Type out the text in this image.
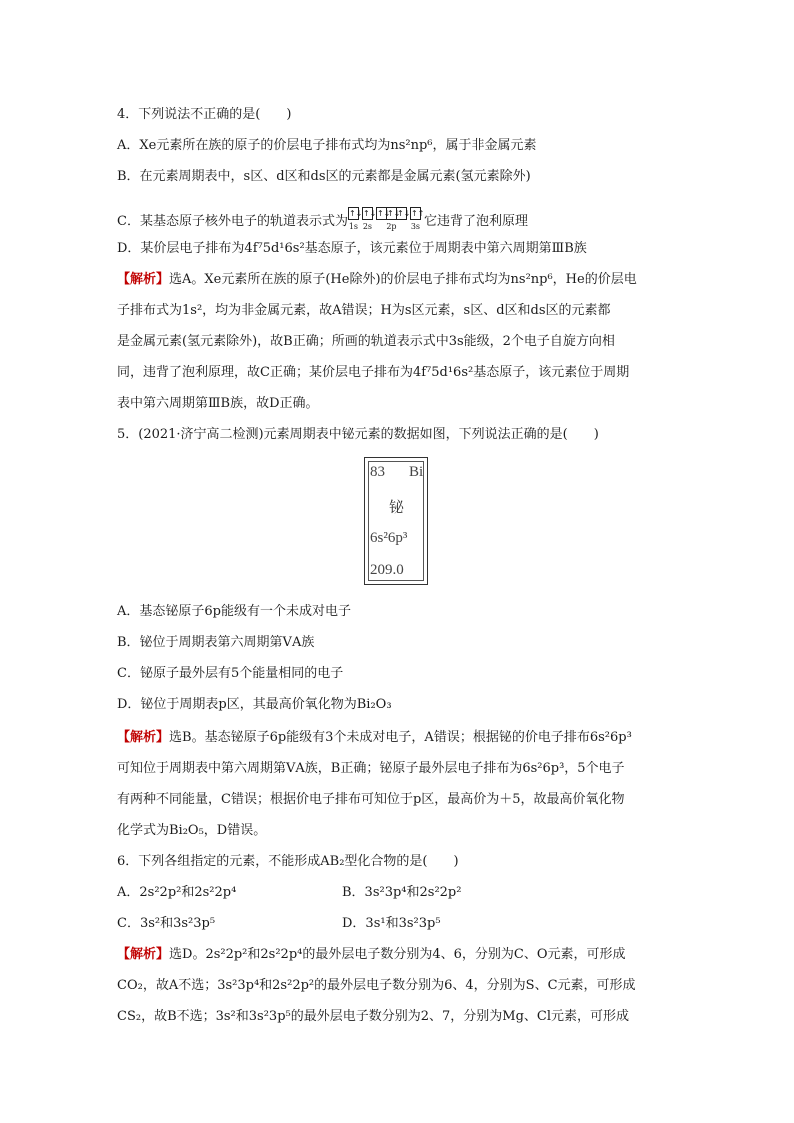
4．下列说法不正确的是(　　)
A．Xe元素所在族的原子的价层电子排布式均为ns²np⁶，属于非金属元素
B．在元素周期表中，s区、d区和ds区的元素都是金属元素(氢元素除外)
C．某基态原子核外电子的轨道表示式为
↑↓
1s
↑↓
2s
↑↓
↑↓
↑↓
2p
↑↑
3s 它违背了泡利原理
D．某价层电子排布为4f⁷5d¹6s²基态原子，该元素位于周期表中第六周期第ⅢB族
【解析】选A。Xe元素所在族的原子(He除外)的价层电子排布式均为ns²np⁶，He的价层电
子排布式为1s²，均为非金属元素，故A错误；H为s区元素，s区、d区和ds区的元素都
是金属元素(氢元素除外)，故B正确；所画的轨道表示式中3s能级，2个电子自旋方向相
同，违背了泡利原理，故C正确；某价层电子排布为4f⁷5d¹6s²基态原子，该元素位于周期
表中第六周期第ⅢB族，故D正确。
5．(2021·济宁高二检测)元素周期表中铋元素的数据如图，下列说法正确的是(　　)
83	Bi
铋
6s²6p³
209.0
A．基态铋原子6p能级有一个未成对电子
B．铋位于周期表第六周期第ⅤA族
C．铋原子最外层有5个能量相同的电子
D．铋位于周期表p区，其最高价氧化物为Bi₂O₃
【解析】选B。基态铋原子6p能级有3个未成对电子，A错误；根据铋的价电子排布6s²6p³
可知位于周期表中第六周期第ⅤA族，B正确；铋原子最外层电子排布为6s²6p³，5个电子
有两种不同能量，C错误；根据价电子排布可知位于p区，最高价为＋5，故最高价氧化物
化学式为Bi₂O₅，D错误。
6．下列各组指定的元素，不能形成AB₂型化合物的是(　　)
A．2s²2p²和2s²2p⁴	B．3s²3p⁴和2s²2p²
C．3s²和3s²3p⁵	D．3s¹和3s²3p⁵
【解析】选D。2s²2p²和2s²2p⁴的最外层电子数分别为4、6，分别为C、O元素，可形成
CO₂，故A不选；3s²3p⁴和2s²2p²的最外层电子数分别为6、4，分别为S、C元素，可形成
CS₂，故B不选；3s²和3s²3p⁵的最外层电子数分别为2、7，分别为Mg、Cl元素，可形成
